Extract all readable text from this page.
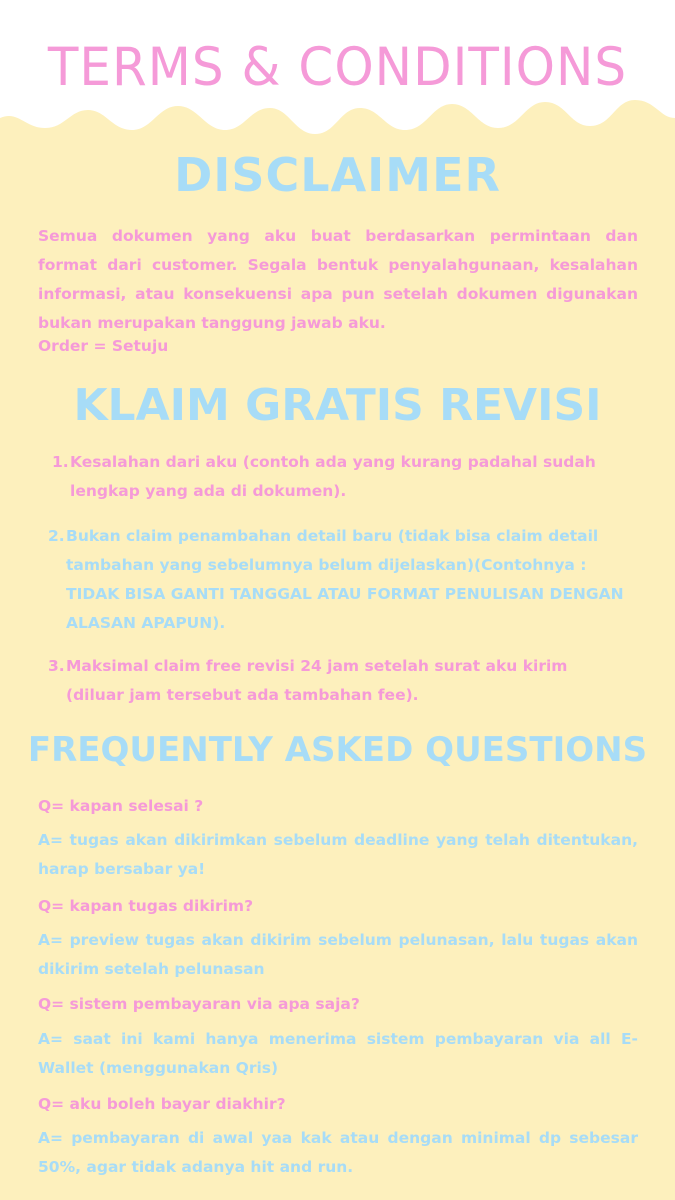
TERMS & CONDITIONS
DISCLAIMER
Semua dokumen yang aku buat berdasarkan permintaan dan format dari customer. Segala bentuk penyalahgunaan, kesalahan informasi, atau konsekuensi apa pun setelah dokumen digunakan bukan merupakan tanggung jawab aku.
Order = Setuju
KLAIM GRATIS REVISI
1. Kesalahan dari aku (contoh ada yang kurang padahal sudah lengkap yang ada di dokumen).
2. Bukan claim penambahan detail baru (tidak bisa claim detail tambahan yang sebelumnya belum dijelaskan)(Contohnya : TIDAK BISA GANTI TANGGAL ATAU FORMAT PENULISAN DENGAN ALASAN APAPUN).
3. Maksimal claim free revisi 24 jam setelah surat aku kirim (diluar jam tersebut ada tambahan fee).
FREQUENTLY ASKED QUESTIONS
Q= kapan selesai ?
A= tugas akan dikirimkan sebelum deadline yang telah ditentukan, harap bersabar ya!
Q= kapan tugas dikirim?
A= preview tugas akan dikirim sebelum pelunasan, lalu tugas akan dikirim setelah pelunasan
Q= sistem pembayaran via apa saja?
A= saat ini kami hanya menerima sistem pembayaran via all E-Wallet (menggunakan Qris)
Q= aku boleh bayar diakhir?
A= pembayaran di awal yaa kak atau dengan minimal dp sebesar 50%, agar tidak adanya hit and run.
